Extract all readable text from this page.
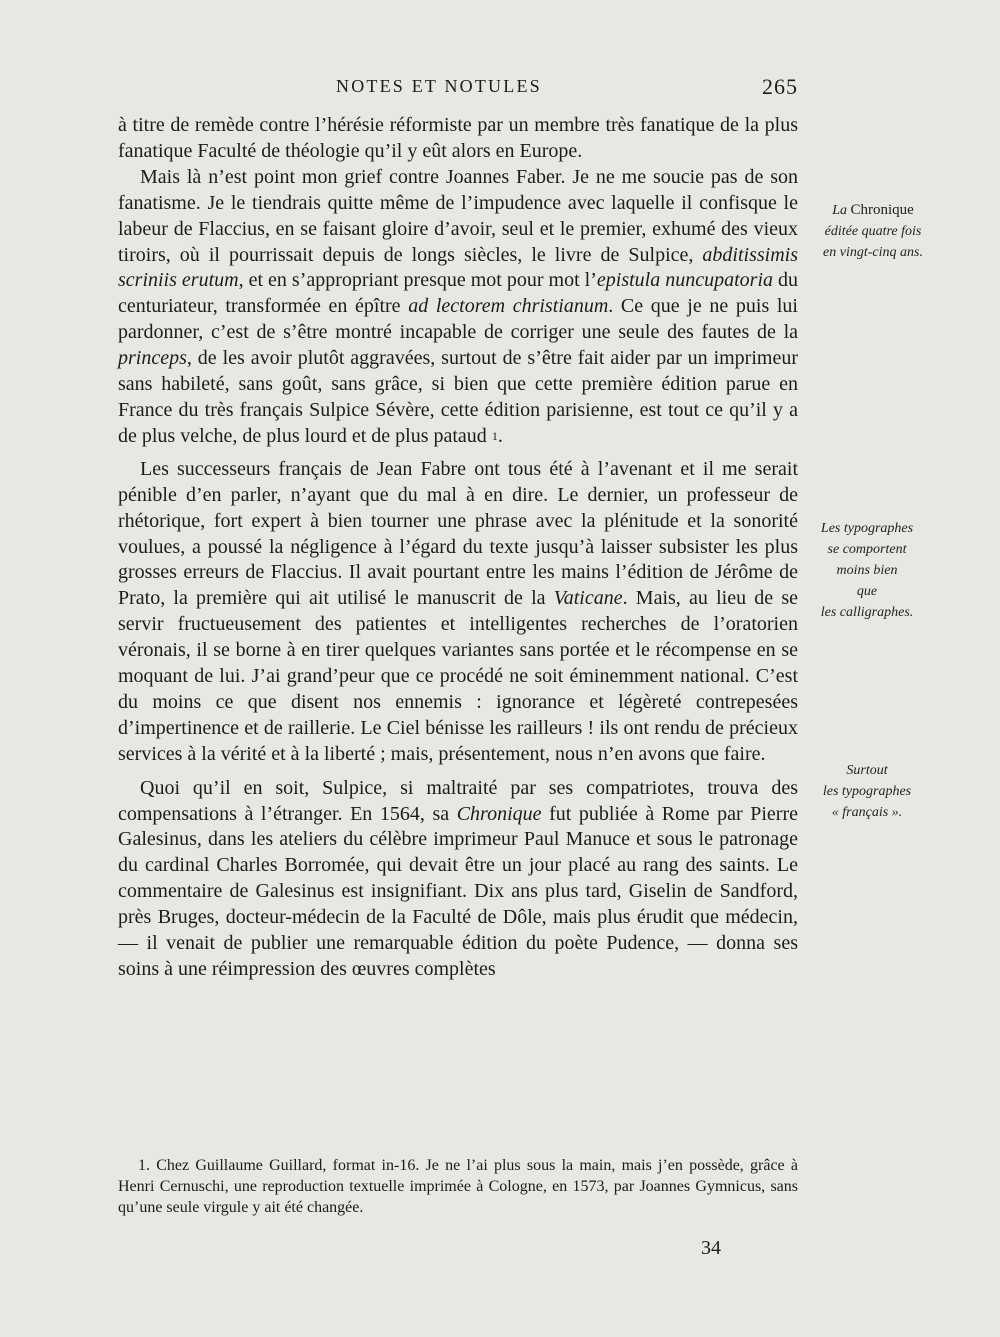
NOTES ET NOTULES	265

à titre de remède contre l’hérésie réformiste par un membre très fanatique de la plus fanatique Faculté de théologie qu’il y eût alors en Europe.

Mais là n’est point mon grief contre Joannes Faber. Je ne me soucie pas de son fanatisme. Je le tiendrais quitte même de l’impudence avec laquelle il confisque le labeur de Flaccius, en se faisant gloire d’avoir, seul et le premier, exhumé des vieux tiroirs, où il pourrissait depuis de longs siècles, le livre de Sulpice, abditissimis scriniis erutum, et en s’appropriant presque mot pour mot l’epistula nuncupatoria du centuriateur, transformée en épître ad lectorem christianum. Ce que je ne puis lui pardonner, c’est de s’être montré incapable de corriger une seule des fautes de la princeps, de les avoir plutôt aggravées, surtout de s’être fait aider par un imprimeur sans habileté, sans goût, sans grâce, si bien que cette première édition parue en France du très français Sulpice Sévère, cette édition parisienne, est tout ce qu’il y a de plus velche, de plus lourd et de plus pataud $^1$.

Les successeurs français de Jean Fabre ont tous été à l’avenant et il me serait pénible d’en parler, n’ayant que du mal à en dire. Le dernier, un professeur de rhétorique, fort expert à bien tourner une phrase avec la plénitude et la sonorité voulues, a poussé la négligence à l’égard du texte jusqu’à laisser subsister les plus grosses erreurs de Flaccius. Il avait pourtant entre les mains l’édition de Jérôme de Prato, la première qui ait utilisé le manuscrit de la Vaticane. Mais, au lieu de se servir fructueusement des patientes et intelligentes recherches de l’oratorien véronais, il se borne à en tirer quelques variantes sans portée et le récompense en se moquant de lui. J’ai grand’peur que ce procédé ne soit éminemment national. C’est du moins ce que disent nos ennemis : ignorance et légèreté contrepesées d’impertinence et de raillerie. Le Ciel bénisse les railleurs ! ils ont rendu de précieux services à la vérité et à la liberté ; mais, présentement, nous n’en avons que faire.

Quoi qu’il en soit, Sulpice, si maltraité par ses compatriotes, trouva des compensations à l’étranger. En 1564, sa Chronique fut publiée à Rome par Pierre Galesinus, dans les ateliers du célèbre imprimeur Paul Manuce et sous le patronage du cardinal Charles Borromée, qui devait être un jour placé au rang des saints. Le commentaire de Galesinus est insignifiant. Dix ans plus tard, Giselin de Sandford, près Bruges, docteur-médecin de la Faculté de Dôle, mais plus érudit que médecin, — il venait de publier une remarquable édition du poète Pudence, — donna ses soins à une réimpression des œuvres complètes

La Chronique
éditée quatre fois
en vingt-cinq ans.
Les typographes
se comportent
moins bien
que
les calligraphes.
Surtout
les typographes
« français ».

1. Chez Guillaume Guillard, format in-16. Je ne l’ai plus sous la main, mais j’en possède, grâce à Henri Cernuschi, une reproduction textuelle imprimée à Cologne, en 1573, par Joannes Gymnicus, sans qu’une seule virgule y ait été changée.

34
